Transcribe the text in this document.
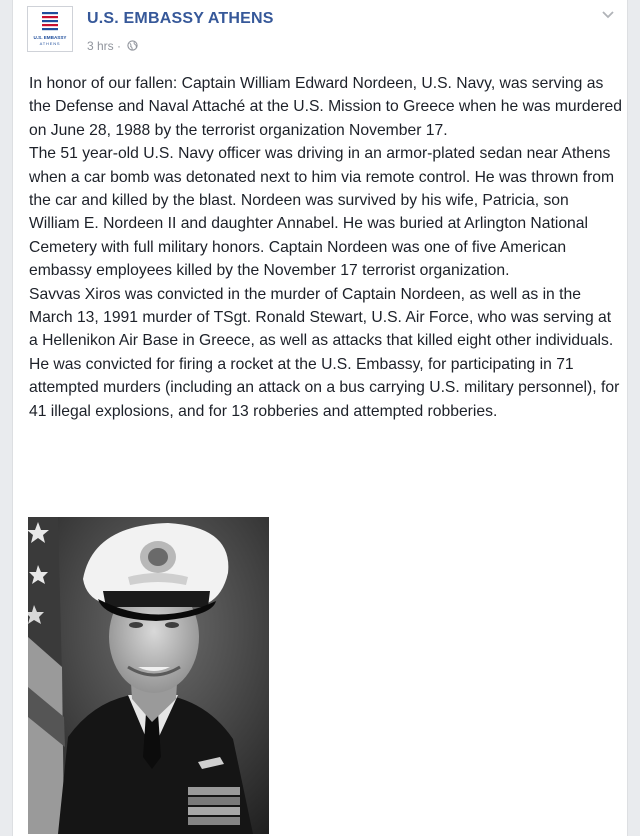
U.S. EMBASSY
ATHENS
U.S. EMBASSY ATHENS
3 hrs ·

In honor of our fallen: Captain William Edward Nordeen, U.S. Navy, was serving as the Defense and Naval Attaché at the U.S. Mission to Greece when he was murdered on June 28, 1988 by the terrorist organization November 17.

The 51 year-old U.S. Navy officer was driving in an armor-plated sedan near Athens when a car bomb was detonated next to him via remote control. He was thrown from the car and killed by the blast. Nordeen was survived by his wife, Patricia, son William E. Nordeen II and daughter Annabel. He was buried at Arlington National Cemetery with full military honors. Captain Nordeen was one of five American embassy employees killed by the November 17 terrorist organization.

Savvas Xiros was convicted in the murder of Captain Nordeen, as well as in the March 13, 1991 murder of TSgt. Ronald Stewart, U.S. Air Force, who was serving at a Hellenikon Air Base in Greece, as well as attacks that killed eight other individuals. He was convicted for firing a rocket at the U.S. Embassy, for participating in 71 attempted murders (including an attack on a bus carrying U.S. military personnel), for 41 illegal explosions, and for 13 robberies and attempted robberies.
